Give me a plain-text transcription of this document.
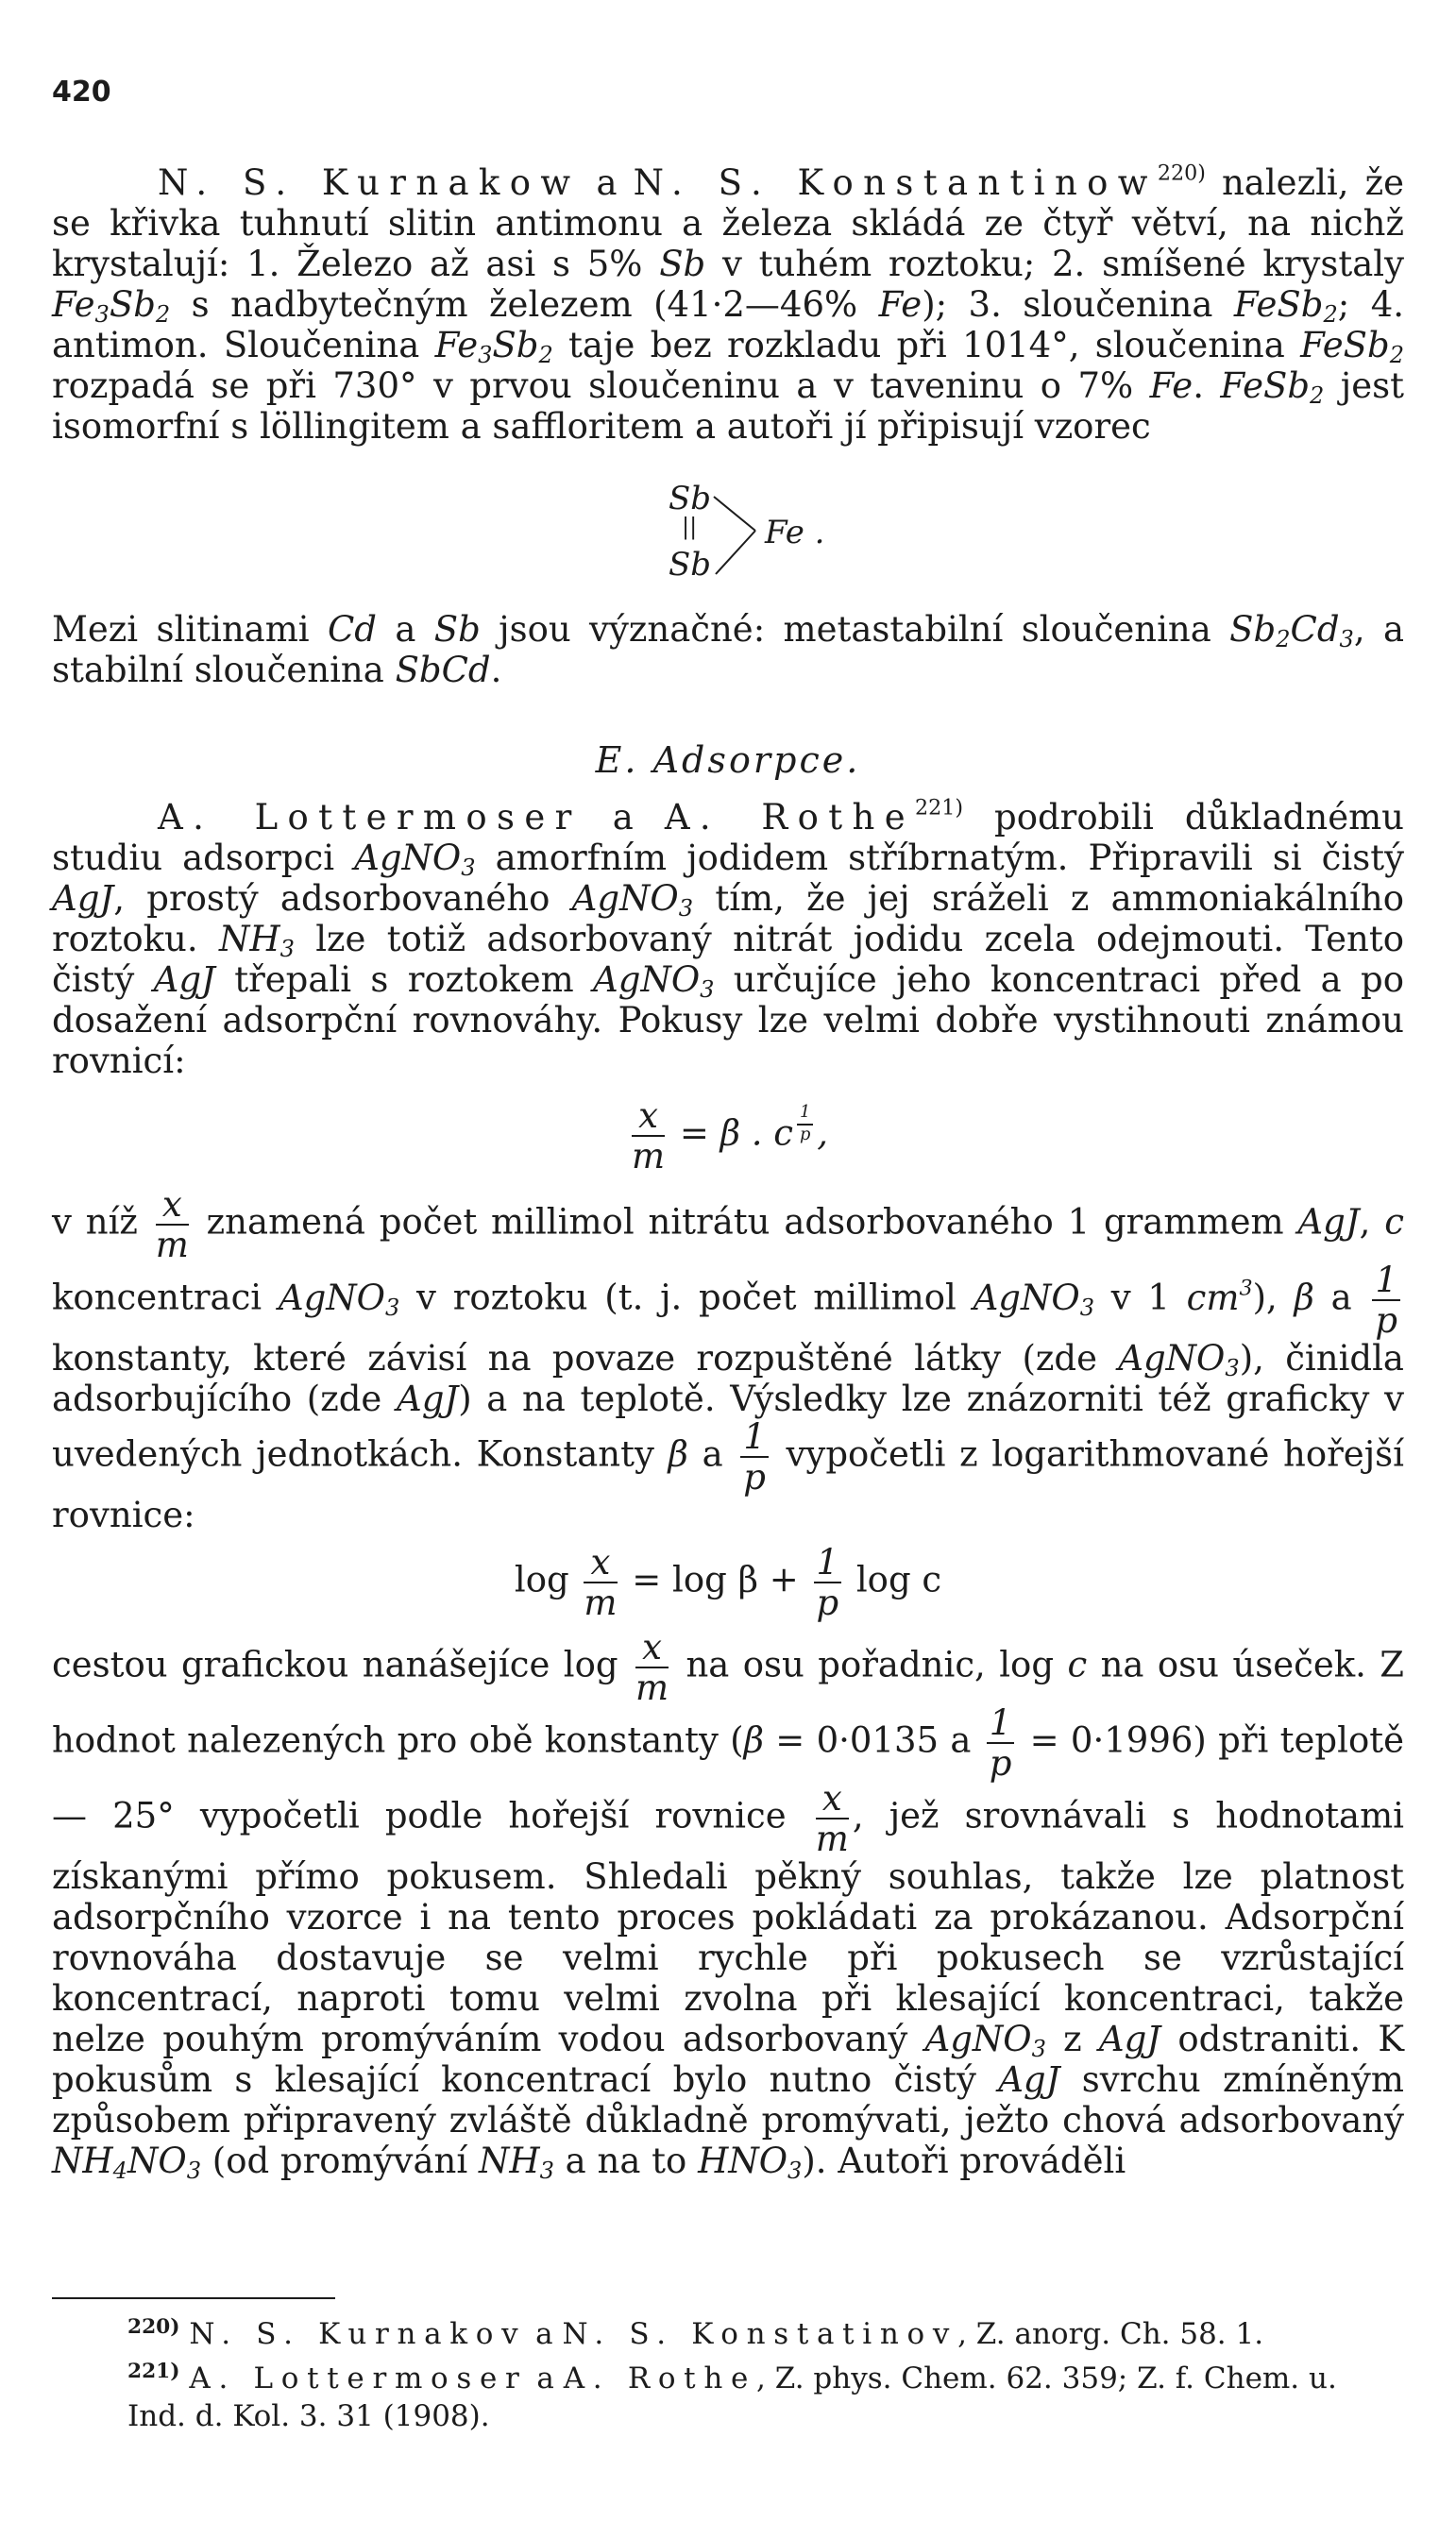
420

N. S. Kurnakow a N. S. Konstantinow$^{220)}$ nalezli, že se křivka tuhnutí slitin antimonu a železa skládá ze čtyř větví, na nichž krystalují: 1. Železo až asi s 5% Sb v tuhém roztoku; 2. smíšené krystaly $Fe_3Sb_2$ s nadbytečným železem (41·2—46% Fe); 3. sloučenina FeSb$_2$; 4. antimon. Sloučenina $Fe_3Sb_2$ taje bez rozkladu při 1014°, sloučenina FeSb$_2$ rozpadá se při 730° v prvou sloučeninu a v taveninu o 7% Fe. FeSb$_2$ jest isomorfní s löllingitem a saffloritem a autoři jí připisují vzorec

Sb
||
Sb
Fe .

Mezi slitinami Cd a Sb jsou význačné: metastabilní sloučenina $Sb_2Cd_3$, a stabilní sloučenina SbCd.

E. Adsorpce.

A. Lottermoser a A. Rothe$^{221)}$ podrobili důkladnému studiu adsorpci AgNO$_3$ amorfním jodidem stříbrnatým. Připravili si čistý AgJ, prostý adsorbovaného AgNO$_3$ tím, že jej sráželi z ammoniakálního roztoku. $NH_3$ lze totiž adsorbovaný nitrát jodidu zcela odejmouti. Tento čistý AgJ třepali s roztokem AgNO$_3$ určujíce jeho koncentraci před a po dosažení adsorpční rovnováhy. Pokusy lze velmi dobře vystihnouti známou rovnicí:

$\frac{x}{m} = \beta$ . c $^{\frac{1}{p}}$ ,

v níž $\frac{x}{m}$ znamená počet millimol nitrátu adsorbovaného 1 grammem AgJ, c koncentraci AgNO$_3$ v roztoku (t. j. počet millimol AgNO$_3$ v 1 $cm^3$), β a $\frac{1}{p}$
konstanty, které závisí na povaze rozpuštěné látky (zde AgNO$_3$), činidla adsorbujícího (zde AgJ) a na teplotě. Výsledky lze znázorniti též graficky v uvedených jednotkách. Konstanty β a $\frac{1}{p}$ vypočetli z logarithmované hořejší rovnice:

$\log \frac{x}{m} = \log \beta + \frac{1}{p}$ log c

cestou grafickou nanášejíce $\log \frac{x}{m}$ na osu pořadnic, log c na osu úseček. Z hodnot nalezených pro obě konstanty (β = 0·0135 a $\frac{1}{p} = 0\cdot 1996$) při teplotě — 25° vypočetli podle hořejší rovnice $\frac{x}{m}$ , jež srovnávali s hodnotami získanými přímo pokusem. Shledali pěkný souhlas, takže lze platnost adsorpčního vzorce i na tento proces pokládati za prokázanou. Adsorpční rovnováha dostavuje se velmi rychle při pokusech se vzrůstající koncentrací, naproti tomu velmi zvolna při klesající koncentraci, takže nelze pouhým promýváním vodou adsorbovaný AgNO$_3$ z AgJ odstraniti. K pokusům s klesající koncentrací bylo nutno čistý AgJ svrchu zmíněným způsobem připravený zvláště důkladně promývati, ježto chová adsorbovaný $NH_4NO_3$ (od promývání $NH_3$ a na to $HNO_3$). Autoři prováděli

$^{220)}$ N. S. Kurnakov a N. S. Konstatinov, Z. anorg. Ch. 58. 1.
$^{221)}$ A. Lottermoser a A. Rothe, Z. phys. Chem. 62. 359; Z. f. Chem. u. Ind. d. Kol. 3. 31 (1908).
